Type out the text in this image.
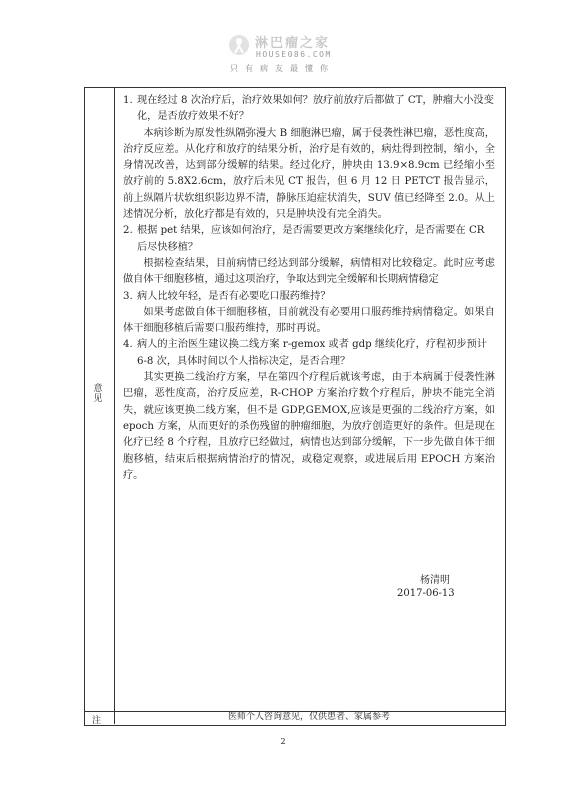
淋巴瘤之家
HOUSE086.COM
只有病友最懂你
意见
注	医师个人咨询意见，仅供患者、家属参考
1. 现在经过 8 次治疗后，治疗效果如何？放疗前放疗后都做了 CT，肿瘤大小没变化，是否放疗效果不好？
本病诊断为原发性纵隔弥漫大 B 细胞淋巴瘤，属于侵袭性淋巴瘤，恶性度高，治疗反应差。从化疗和放疗的结果分析，治疗是有效的，病灶得到控制，缩小，全身情况改善，达到部分缓解的结果。经过化疗，肿块由 13.9×8.9cm 已经缩小至放疗前的 5.8X2.6cm，放疗后未见 CT 报告，但 6 月 12 日 PETCT 报告显示，前上纵隔片状软组织影边界不清，静脉压迫症状消失，SUV 值已经降至 2.0。从上述情况分析，放化疗都是有效的，只是肿块没有完全消失。
2. 根据 pet 结果，应该如何治疗，是否需要更改方案继续化疗，是否需要在 CR 后尽快移植？
根据检查结果，目前病情已经达到部分缓解，病情相对比较稳定。此时应考虑做自体干细胞移植，通过这项治疗，争取达到完全缓解和长期病情稳定
3. 病人比较年轻，是否有必要吃口服药维持？
如果考虑做自体干细胞移植，目前就没有必要用口服药维持病情稳定。如果自体干细胞移植后需要口服药维持，那时再说。
4. 病人的主治医生建议换二线方案 r-gemox 或者 gdp 继续化疗，疗程初步预计 6-8 次，具体时间以个人指标决定，是否合理？
其实更换二线治疗方案，早在第四个疗程后就该考虑，由于本病属于侵袭性淋巴瘤，恶性度高，治疗反应差，R-CHOP 方案治疗数个疗程后，肿块不能完全消失，就应该更换二线方案，但不是 GDP,GEMOX,应该是更强的二线治疗方案，如 epoch 方案，从而更好的杀伤残留的肿瘤细胞，为放疗创造更好的条件。但是现在化疗已经 8 个疗程，且放疗已经做过，病情也达到部分缓解，下一步先做自体干细胞移植，结束后根据病情治疗的情况，或稳定观察，或进展后用 EPOCH 方案治疗。
杨清明
2017-06-13
2
